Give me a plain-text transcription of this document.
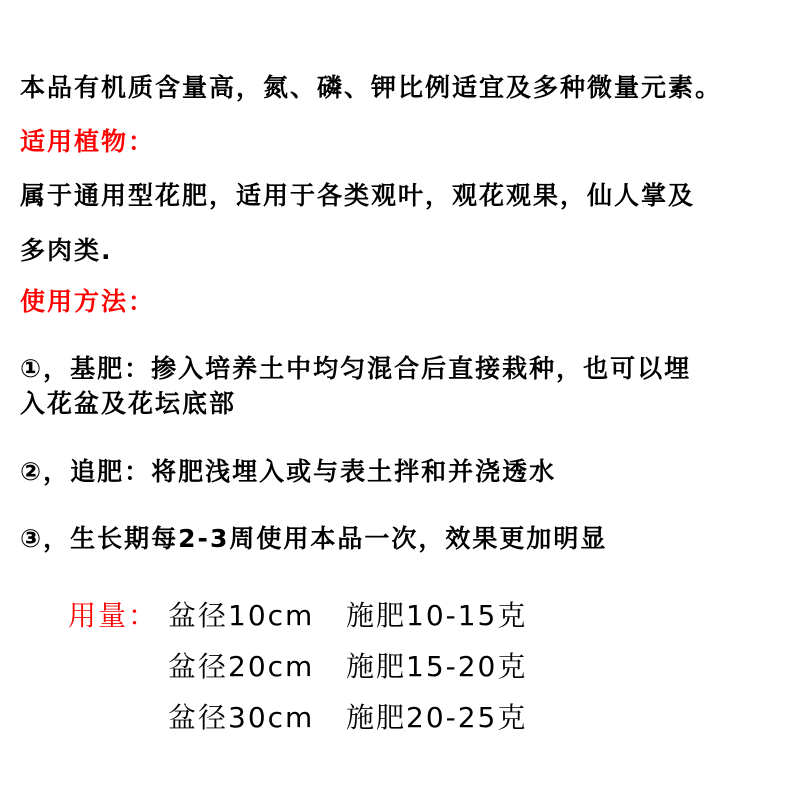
本品有机质含量高，氮、磷、钾比例适宜及多种微量元素。
适用植物：
属于通用型花肥，适用于各类观叶，观花观果，仙人掌及
多肉类.
使用方法：
①，基肥：掺入培养土中均匀混合后直接栽种，也可以埋
入花盆及花坛底部
②，追肥：将肥浅埋入或与表土拌和并浇透水
③，生长期每2-3周使用本品一次，效果更加明显
用量： 盆径10cm 施肥10-15克
盆径20cm 施肥15-20克
盆径30cm 施肥20-25克
